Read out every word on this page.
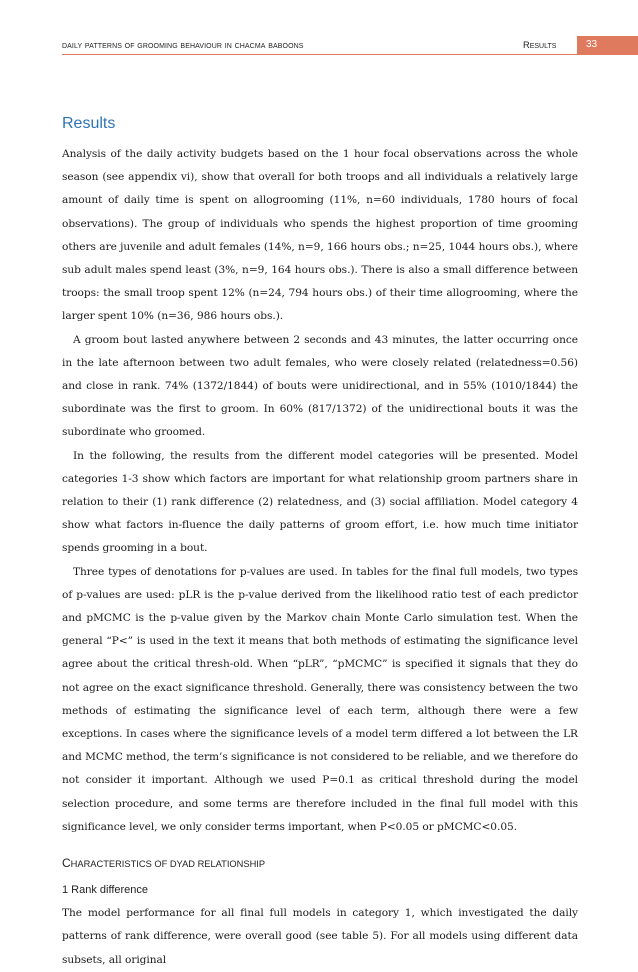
daily patterns of grooming behaviour in chacma baboons	Results	33
Results

Analysis of the daily activity budgets based on the 1 hour focal observations across the whole season (see appendix vi), show that overall for both troops and all individuals a relatively large amount of daily time is spent on allogrooming (11%, n=60 individuals, 1780 hours of focal observations). The group of individuals who spends the highest proportion of time grooming others are juvenile and adult females (14%, n=9, 166 hours obs.; n=25, 1044 hours obs.), where sub adult males spend least (3%, n=9, 164 hours obs.). There is also a small difference between troops: the small troop spent 12% (n=24, 794 hours obs.) of their time allogrooming, where the larger spent 10% (n=36, 986 hours obs.).

A groom bout lasted anywhere between 2 seconds and 43 minutes, the latter occurring once in the late afternoon between two adult females, who were closely related (relatedness=0.56) and close in rank. 74% (1372/1844) of bouts were unidirectional, and in 55% (1010/1844) the subordinate was the first to groom. In 60% (817/1372) of the unidirectional bouts it was the subordinate who groomed.

In the following, the results from the different model categories will be presented. Model categories 1-3 show which factors are important for what relationship groom partners share in relation to their (1) rank difference (2) relatedness, and (3) social affiliation. Model category 4 show what factors in-fluence the daily patterns of groom effort, i.e. how much time initiator spends grooming in a bout.

Three types of denotations for p-values are used. In tables for the final full models, two types of p-values are used: pLR is the p-value derived from the likelihood ratio test of each predictor and pMCMC is the p-value given by the Markov chain Monte Carlo simulation test. When the general “P<” is used in the text it means that both methods of estimating the significance level agree about the critical thresh-old. When “pLR”, “pMCMC” is specified it signals that they do not agree on the exact significance threshold. Generally, there was consistency between the two methods of estimating the significance level of each term, although there were a few exceptions. In cases where the significance levels of a model term differed a lot between the LR and MCMC method, the term’s significance is not considered to be reliable, and we therefore do not consider it important. Although we used P=0.1 as critical threshold during the model selection procedure, and some terms are therefore included in the final full model with this significance level, we only consider terms important, when P<0.05 or pMCMC<0.05.

CHARACTERISTICS OF DYAD RELATIONSHIP
1 Rank difference

The model performance for all final full models in category 1, which investigated the daily patterns of rank difference, were overall good (see table 5). For all models using different data subsets, all original
